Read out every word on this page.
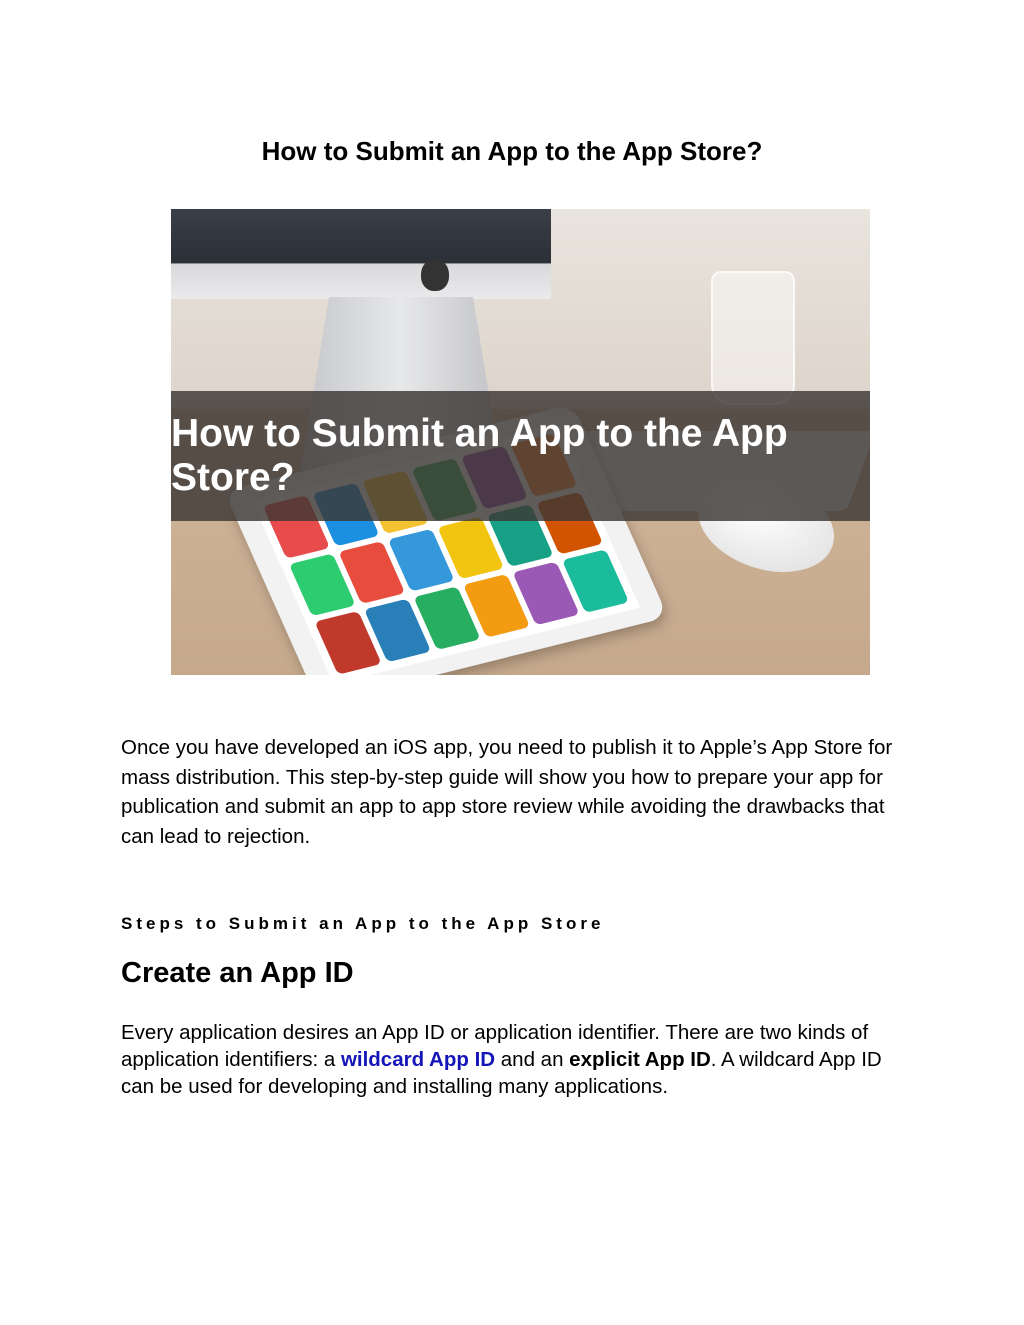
How to Submit an App to the App Store?
How to Submit an App to the App Store?

Once you have developed an iOS app, you need to publish it to Apple’s App Store for mass distribution. This step-by-step guide will show you how to prepare your app for publication and submit an app to app store review while avoiding the drawbacks that can lead to rejection.

Steps to Submit an App to the App Store
Create an App ID

Every application desires an App ID or application identifier. There are two kinds of application identifiers: a wildcard App ID and an explicit App ID. A wildcard App ID can be used for developing and installing many applications.
